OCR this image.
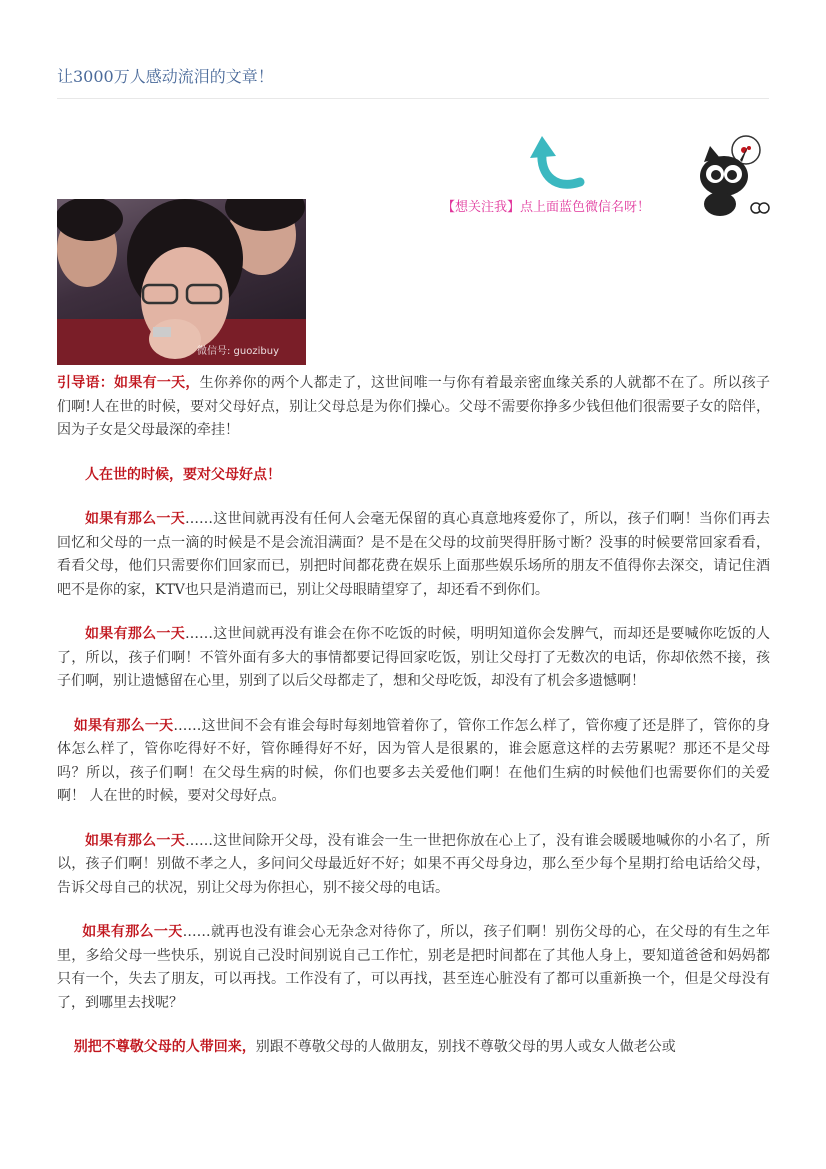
让3000万人感动流泪的文章！
【想关注我】点上面蓝色微信名呀！
微信号: guozibuy

引导语：如果有一天，生你养你的两个人都走了，这世间唯一与你有着最亲密血缘关系的人就都不在了。所以孩子们啊!人在世的时候，要对父母好点，别让父母总是为你们操心。父母不需要你挣多少钱但他们很需要子女的陪伴，因为子女是父母最深的牵挂！

人在世的时候，要对父母好点！

如果有那么一天……这世间就再没有任何人会毫无保留的真心真意地疼爱你了，所以，孩子们啊！当你们再去回忆和父母的一点一滴的时候是不是会流泪满面？是不是在父母的坟前哭得肝肠寸断？没事的时候要常回家看看，看看父母，他们只需要你们回家而已，别把时间都花费在娱乐上面那些娱乐场所的朋友不值得你去深交，请记住酒吧不是你的家，KTV也只是消遣而已，别让父母眼睛望穿了，却还看不到你们。

如果有那么一天……这世间就再没有谁会在你不吃饭的时候，明明知道你会发脾气，而却还是要喊你吃饭的人了，所以，孩子们啊！不管外面有多大的事情都要记得回家吃饭，别让父母打了无数次的电话，你却依然不接，孩子们啊，别让遗憾留在心里，别到了以后父母都走了，想和父母吃饭，却没有了机会多遗憾啊！

如果有那么一天……这世间不会有谁会每时每刻地管着你了，管你工作怎么样了，管你瘦了还是胖了，管你的身体怎么样了，管你吃得好不好，管你睡得好不好，因为管人是很累的，谁会愿意这样的去劳累呢？那还不是父母吗？所以，孩子们啊！在父母生病的时候，你们也要多去关爱他们啊！在他们生病的时候他们也需要你们的关爱啊！ 人在世的时候，要对父母好点。

如果有那么一天……这世间除开父母，没有谁会一生一世把你放在心上了，没有谁会暖暖地喊你的小名了，所以，孩子们啊！别做不孝之人，多问问父母最近好不好；如果不再父母身边，那么至少每个星期打给电话给父母，告诉父母自己的状况，别让父母为你担心，别不接父母的电话。

如果有那么一天……就再也没有谁会心无杂念对待你了，所以，孩子们啊！别伤父母的心，在父母的有生之年里，多给父母一些快乐，别说自己没时间别说自己工作忙，别老是把时间都在了其他人身上，要知道爸爸和妈妈都只有一个，失去了朋友，可以再找。工作没有了，可以再找，甚至连心脏没有了都可以重新换一个，但是父母没有了，到哪里去找呢？

别把不尊敬父母的人带回来，别跟不尊敬父母的人做朋友，别找不尊敬父母的男人或女人做老公或
